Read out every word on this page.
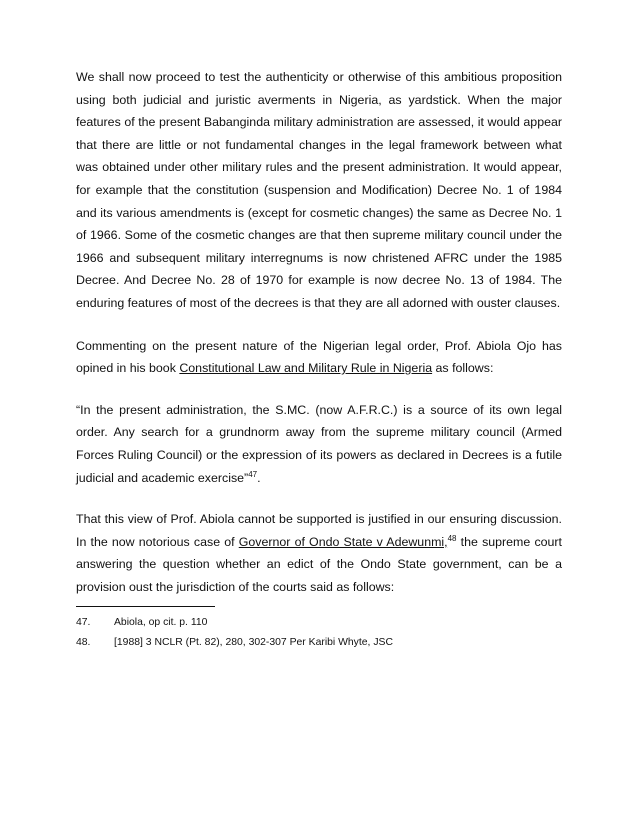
We shall now proceed to test the authenticity or otherwise of this ambitious proposition using both judicial and juristic averments in Nigeria, as yardstick. When the major features of the present Babanginda military administration are assessed, it would appear that there are little or not fundamental changes in the legal framework between what was obtained under other military rules and the present administration. It would appear, for example that the constitution (suspension and Modification) Decree No. 1 of 1984 and its various amendments is (except for cosmetic changes) the same as Decree No. 1 of 1966. Some of the cosmetic changes are that then supreme military council under the 1966 and subsequent military interregnums is now christened AFRC under the 1985 Decree. And Decree No. 28 of 1970 for example is now decree No. 13 of 1984. The enduring features of most of the decrees is that they are all adorned with ouster clauses.

Commenting on the present nature of the Nigerian legal order, Prof. Abiola Ojo has opined in his book Constitutional Law and Military Rule in Nigeria as follows:

“In the present administration, the S.MC. (now A.F.R.C.) is a source of its own legal order. Any search for a grundnorm away from the supreme military council (Armed Forces Ruling Council) or the expression of its powers as declared in Decrees is a futile judicial and academic exercise”$^{47}$.

That this view of Prof. Abiola cannot be supported is justified in our ensuring discussion. In the now notorious case of Governor of Ondo State v Adewunmi,$^{48}$ the supreme court answering the question whether an edict of the Ondo State government, can be a provision oust the jurisdiction of the courts said as follows:

47.	Abiola, op cit. p. 110
48.	[1988] 3 NCLR (Pt. 82), 280, 302-307 Per Karibi Whyte, JSC
